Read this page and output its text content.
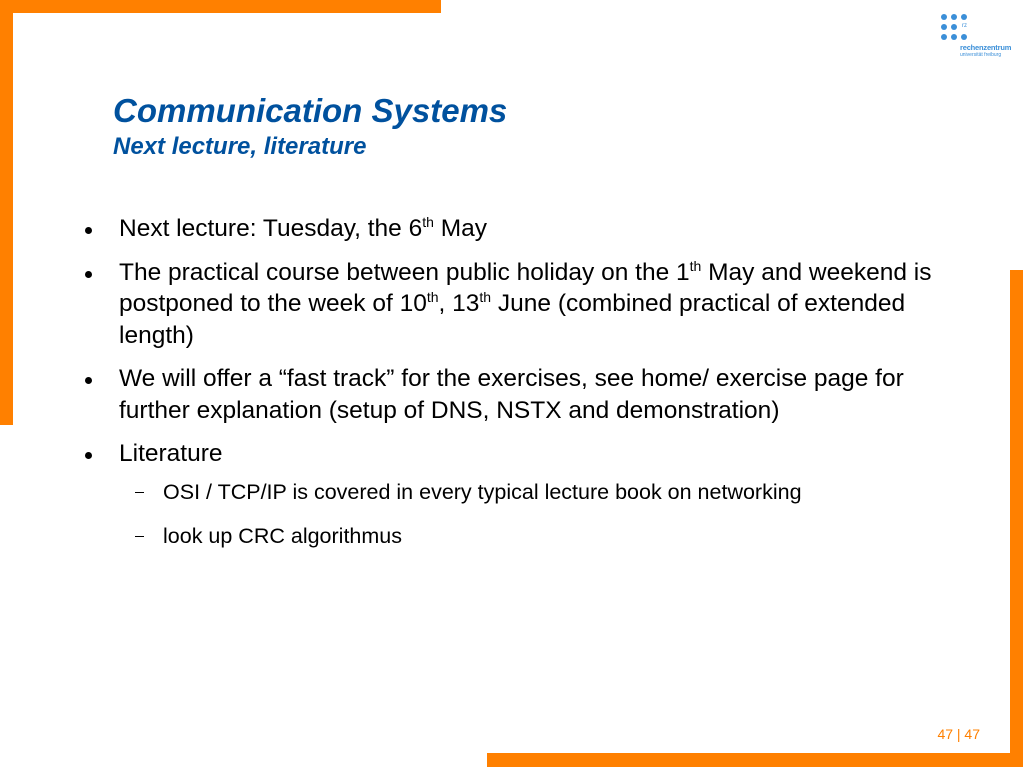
rz
rechenzentrum
universität freiburg
Communication Systems
Next lecture, literature
Next lecture: Tuesday, the 6th May
The practical course between public holiday on the 1th May and weekend is postponed to the week of 10th, 13th June (combined practical of extended length)
We will offer a “fast track” for the exercises, see home/ exercise page for further explanation (setup of DNS, NSTX and demonstration)
Literature
OSI / TCP/IP is covered in every typical lecture book on networking
look up CRC algorithmus
47 | 47
